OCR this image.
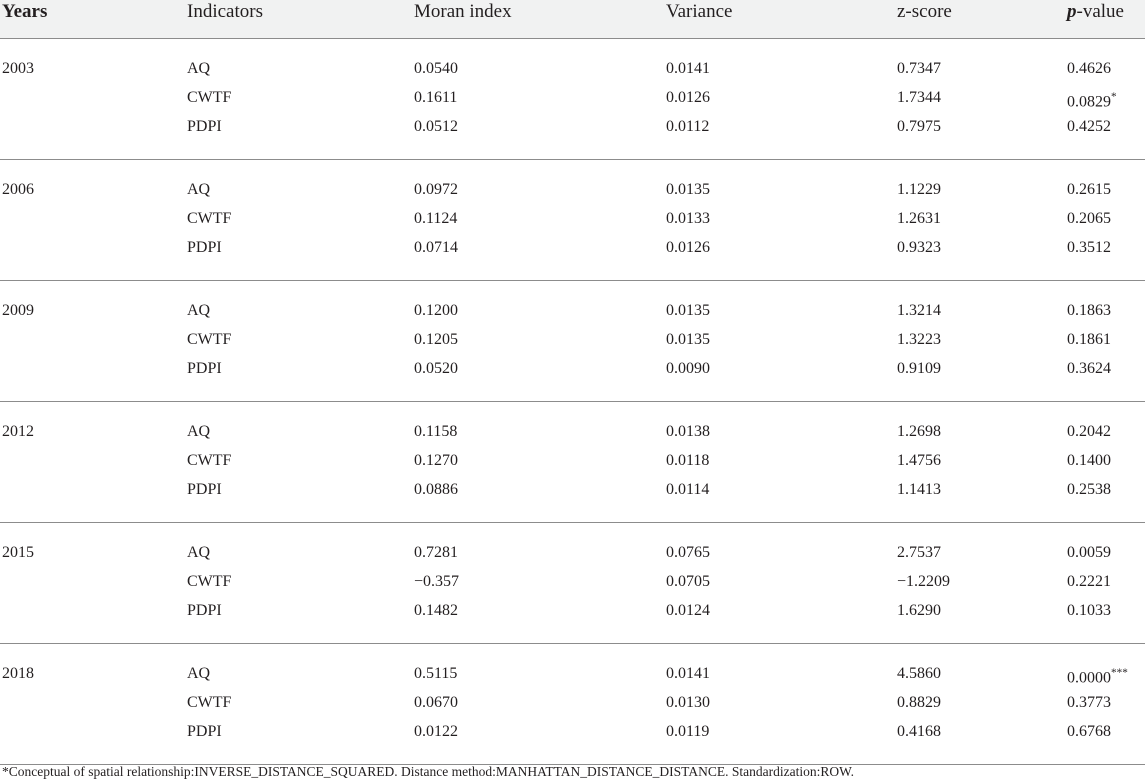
Years	Indicators	Moran index	Variance	z-score	p-value
2003	AQ	0.0540	0.0141	0.7347	0.4626
CWTF	0.1611	0.0126	1.7344	0.0829*
PDPI	0.0512	0.0112	0.7975	0.4252
2006	AQ	0.0972	0.0135	1.1229	0.2615
CWTF	0.1124	0.0133	1.2631	0.2065
PDPI	0.0714	0.0126	0.9323	0.3512
2009	AQ	0.1200	0.0135	1.3214	0.1863
CWTF	0.1205	0.0135	1.3223	0.1861
PDPI	0.0520	0.0090	0.9109	0.3624
2012	AQ	0.1158	0.0138	1.2698	0.2042
CWTF	0.1270	0.0118	1.4756	0.1400
PDPI	0.0886	0.0114	1.1413	0.2538
2015	AQ	0.7281	0.0765	2.7537	0.0059
CWTF	−0.357	0.0705	−1.2209	0.2221
PDPI	0.1482	0.0124	1.6290	0.1033
2018	AQ	0.5115	0.0141	4.5860	0.0000***
CWTF	0.0670	0.0130	0.8829	0.3773
PDPI	0.0122	0.0119	0.4168	0.6768
*Conceptual of spatial relationship:INVERSE_DISTANCE_SQUARED. Distance method:MANHATTAN_DISTANCE_DISTANCE. Standardization:ROW.
